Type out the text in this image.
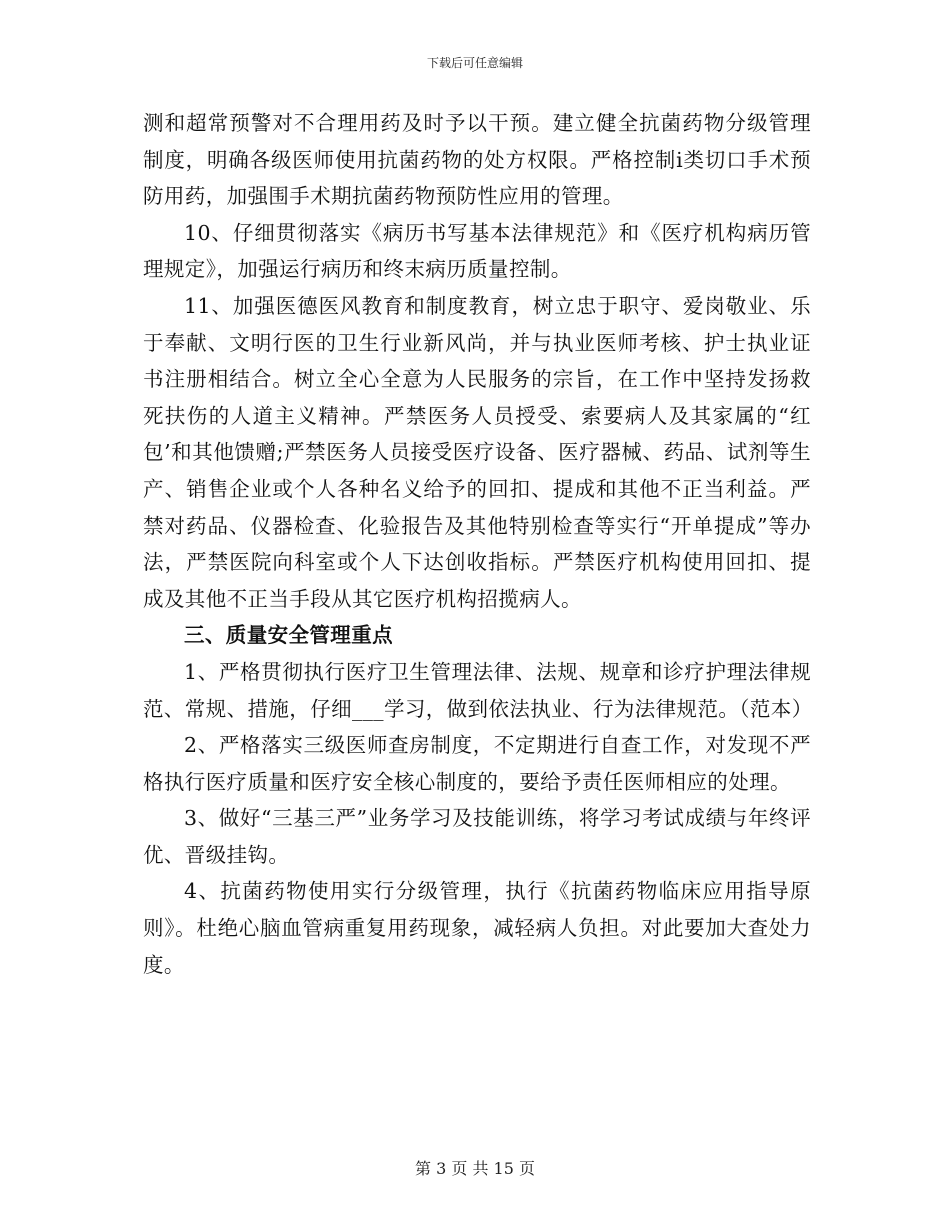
下载后可任意编辑

测和超常预警对不合理用药及时予以干预。建立健全抗菌药物分级管理制度，明确各级医师使用抗菌药物的处方权限。严格控制ⅰ类切口手术预防用药，加强围手术期抗菌药物预防性应用的管理。

10、仔细贯彻落实《病历书写基本法律规范》和《医疗机构病历管理规定》，加强运行病历和终末病历质量控制。

11、加强医德医风教育和制度教育，树立忠于职守、爱岗敬业、乐于奉献、文明行医的卫生行业新风尚，并与执业医师考核、护士执业证书注册相结合。树立全心全意为人民服务的宗旨，在工作中坚持发扬救死扶伤的人道主义精神。严禁医务人员授受、索要病人及其家属的“红包’和其他馈赠;严禁医务人员接受医疗设备、医疗器械、药品、试剂等生产、销售企业或个人各种名义给予的回扣、提成和其他不正当利益。严禁对药品、仪器检查、化验报告及其他特别检查等实行“开单提成”等办法，严禁医院向科室或个人下达创收指标。严禁医疗机构使用回扣、提成及其他不正当手段从其它医疗机构招揽病人。

三、质量安全管理重点

1、严格贯彻执行医疗卫生管理法律、法规、规章和诊疗护理法律规范、常规、措施，仔细___学习，做到依法执业、行为法律规范。（范本）

2、严格落实三级医师查房制度，不定期进行自查工作，对发现不严格执行医疗质量和医疗安全核心制度的，要给予责任医师相应的处理。

3、做好“三基三严”业务学习及技能训练，将学习考试成绩与年终评优、晋级挂钩。

4、抗菌药物使用实行分级管理，执行《抗菌药物临床应用指导原则》。杜绝心脑血管病重复用药现象，减轻病人负担。对此要加大查处力度。

第 3 页 共 15 页
